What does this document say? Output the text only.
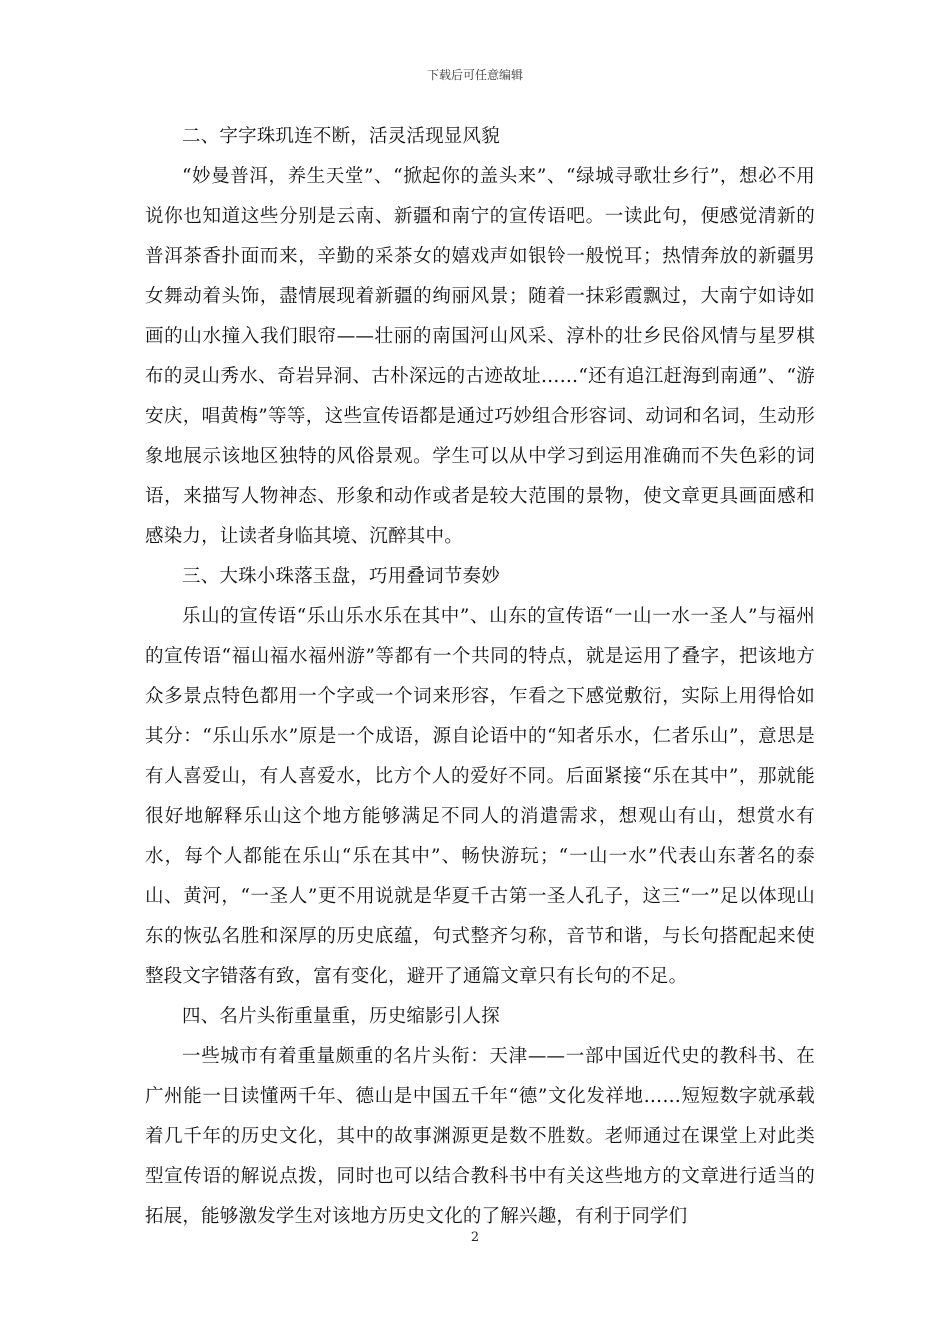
下载后可任意编辑

二、字字珠玑连不断，活灵活现显风貌

“妙曼普洱，养生天堂”、“掀起你的盖头来”、“绿城寻歌壮乡行”，想必不用说你也知道这些分别是云南、新疆和南宁的宣传语吧。一读此句，便感觉清新的普洱茶香扑面而来，辛勤的采茶女的嬉戏声如银铃一般悦耳；热情奔放的新疆男女舞动着头饰，盡情展现着新疆的绚丽风景；随着一抹彩霞飘过，大南宁如诗如画的山水撞入我们眼帘——壮丽的南国河山风采、淳朴的壮乡民俗风情与星罗棋布的灵山秀水、奇岩异洞、古朴深远的古迹故址……“还有追江赶海到南通”、“游安庆，唱黄梅”等等，这些宣传语都是通过巧妙组合形容词、动词和名词，生动形象地展示该地区独特的风俗景观。学生可以从中学习到运用准确而不失色彩的词语，来描写人物神态、形象和动作或者是较大范围的景物，使文章更具画面感和感染力，让读者身临其境、沉醉其中。

三、大珠小珠落玉盘，巧用叠词节奏妙

乐山的宣传语“乐山乐水乐在其中”、山东的宣传语“一山一水一圣人”与福州的宣传语“福山福水福州游”等都有一个共同的特点，就是运用了叠字，把该地方众多景点特色都用一个字或一个词来形容，乍看之下感觉敷衍，实际上用得恰如其分：“乐山乐水”原是一个成语，源自论语中的“知者乐水，仁者乐山”，意思是有人喜爱山，有人喜爱水，比方个人的爱好不同。后面紧接“乐在其中”，那就能很好地解释乐山这个地方能够满足不同人的消遣需求，想观山有山，想赏水有水，每个人都能在乐山“乐在其中”、畅快游玩；“一山一水”代表山东著名的泰山、黄河，“一圣人”更不用说就是华夏千古第一圣人孔子，这三“一”足以体现山东的恢弘名胜和深厚的历史底蕴，句式整齐匀称，音节和谐，与长句搭配起来使整段文字错落有致，富有变化，避开了通篇文章只有长句的不足。

四、名片头衔重量重，历史缩影引人探

一些城市有着重量颇重的名片头衔：天津——一部中国近代史的教科书、在广州能一日读懂两千年、德山是中国五千年“德”文化发祥地……短短数字就承载着几千年的历史文化，其中的故事渊源更是数不胜数。老师通过在课堂上对此类型宣传语的解说点拨，同时也可以结合教科书中有关这些地方的文章进行适当的拓展，能够激发学生对该地方历史文化的了解兴趣，有利于同学们

2
